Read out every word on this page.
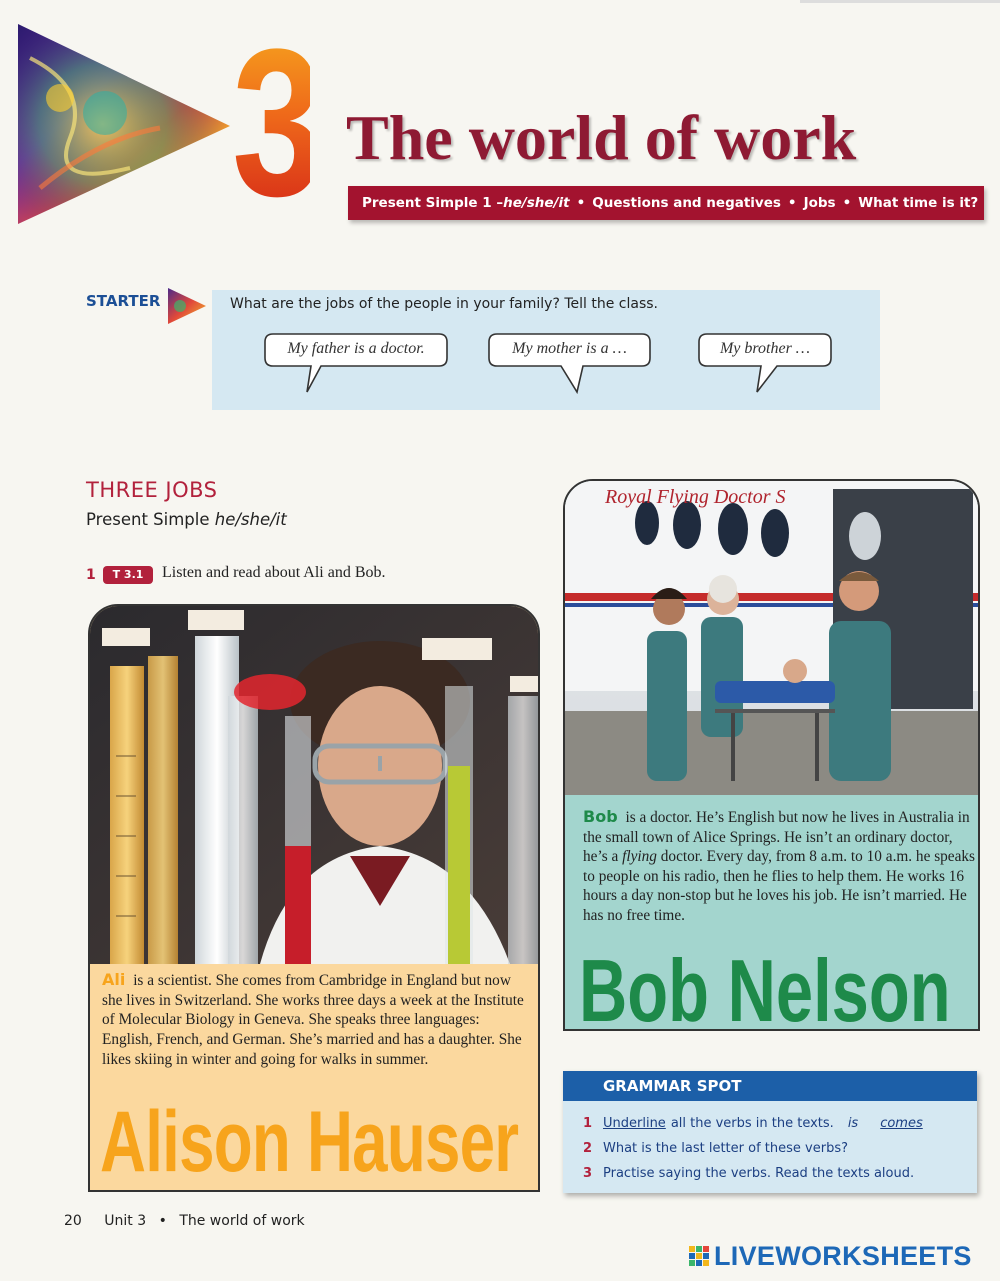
3 The world of work
Present Simple 1 – he/she/it • Questions and negatives • Jobs • What time is it?
STARTER	What are the jobs of the people in your family? Tell the class.
My father is a doctor.	My mother is a …	My brother …
THREE JOBS
Present Simple he/she/it
1	T 3.1	Listen and read about Ali and Bob.
Ali is a scientist. She comes from Cambridge in England but now she lives in Switzerland. She works three days a week at the Institute of Molecular Biology in Geneva. She speaks three languages: English, French, and German. She’s married and has a daughter. She likes skiing in winter and going for walks in summer.
Alison Hauser
Royal Flying Doctor S
Bob is a doctor. He’s English but now he lives in Australia in the small town of Alice Springs. He isn’t an ordinary doctor, he’s a flying doctor. Every day, from 8 a.m. to 10 a.m. he speaks to people on his radio, then he flies to help them. He works 16 hours a day non-stop but he loves his job. He isn’t married. He has no free time.
Bob Nelson
GRAMMAR SPOT
1 Underline all the verbs in the texts. is comes
2 What is the last letter of these verbs?
3 Practise saying the verbs. Read the texts aloud.
20 Unit 3 • The world of work
LIVEWORKSHEETS
